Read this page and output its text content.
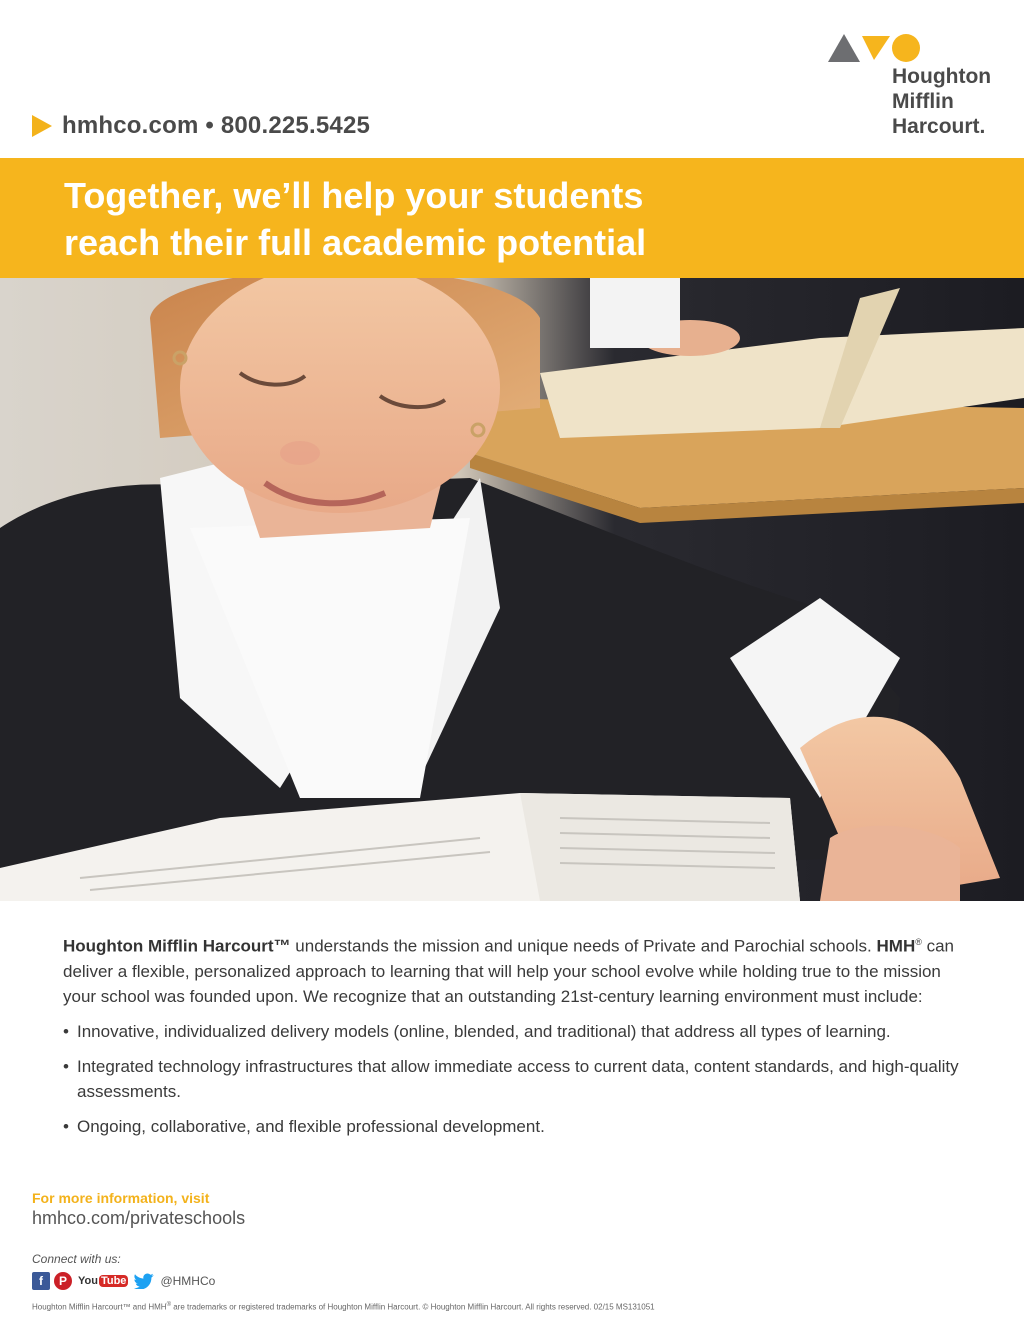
hmhco.com • 800.225.5425
Houghton
Mifflin
Harcourt.
Together, we’ll help your students
reach their full academic potential

Houghton Mifflin Harcourt™ understands the mission and unique needs of Private and Parochial schools. HMH® can deliver a flexible, personalized approach to learning that will help your school evolve while holding true to the mission your school was founded upon. We recognize that an outstanding 21st-century learning environment must include:

• Innovative, individualized delivery models (online, blended, and traditional) that address all types of learning.
• Integrated technology infrastructures that allow immediate access to current data, content standards, and high-quality assessments.
• Ongoing, collaborative, and flexible professional development.
For more information, visit
hmhco.com/privateschools
Connect with us:
f	P	You Tube	@HMHCo
Houghton Mifflin Harcourt™ and HMH® are trademarks or registered trademarks of Houghton Mifflin Harcourt. © Houghton Mifflin Harcourt. All rights reserved. 02/15 MS131051
